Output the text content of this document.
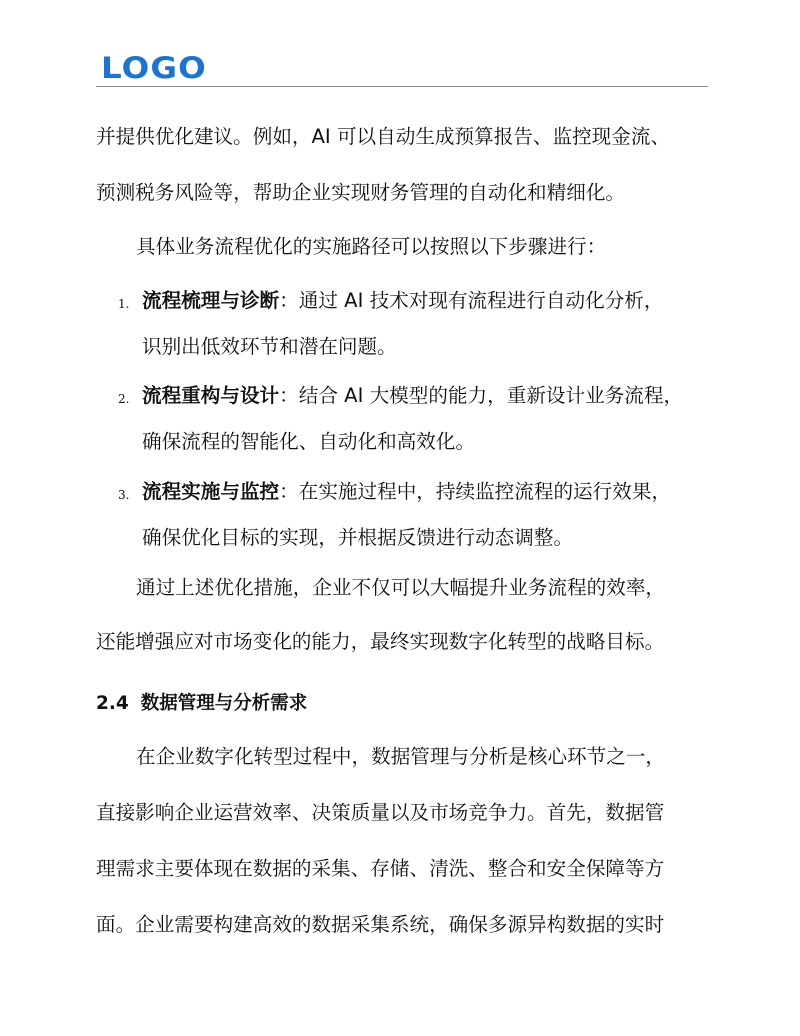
LOGO

并提供优化建议。例如，AI 可以自动生成预算报告、监控现金流、

预测税务风险等，帮助企业实现财务管理的自动化和精细化。

具体业务流程优化的实施路径可以按照以下步骤进行：

1. 流程梳理与诊断：通过 AI 技术对现有流程进行自动化分析，

识别出低效环节和潜在问题。

2. 流程重构与设计：结合 AI 大模型的能力，重新设计业务流程，

确保流程的智能化、自动化和高效化。

3. 流程实施与监控：在实施过程中，持续监控流程的运行效果，

确保优化目标的实现，并根据反馈进行动态调整。

通过上述优化措施，企业不仅可以大幅提升业务流程的效率，

还能增强应对市场变化的能力，最终实现数字化转型的战略目标。

2.4 数据管理与分析需求

在企业数字化转型过程中，数据管理与分析是核心环节之一，

直接影响企业运营效率、决策质量以及市场竞争力。首先，数据管

理需求主要体现在数据的采集、存储、清洗、整合和安全保障等方

面。企业需要构建高效的数据采集系统，确保多源异构数据的实时
